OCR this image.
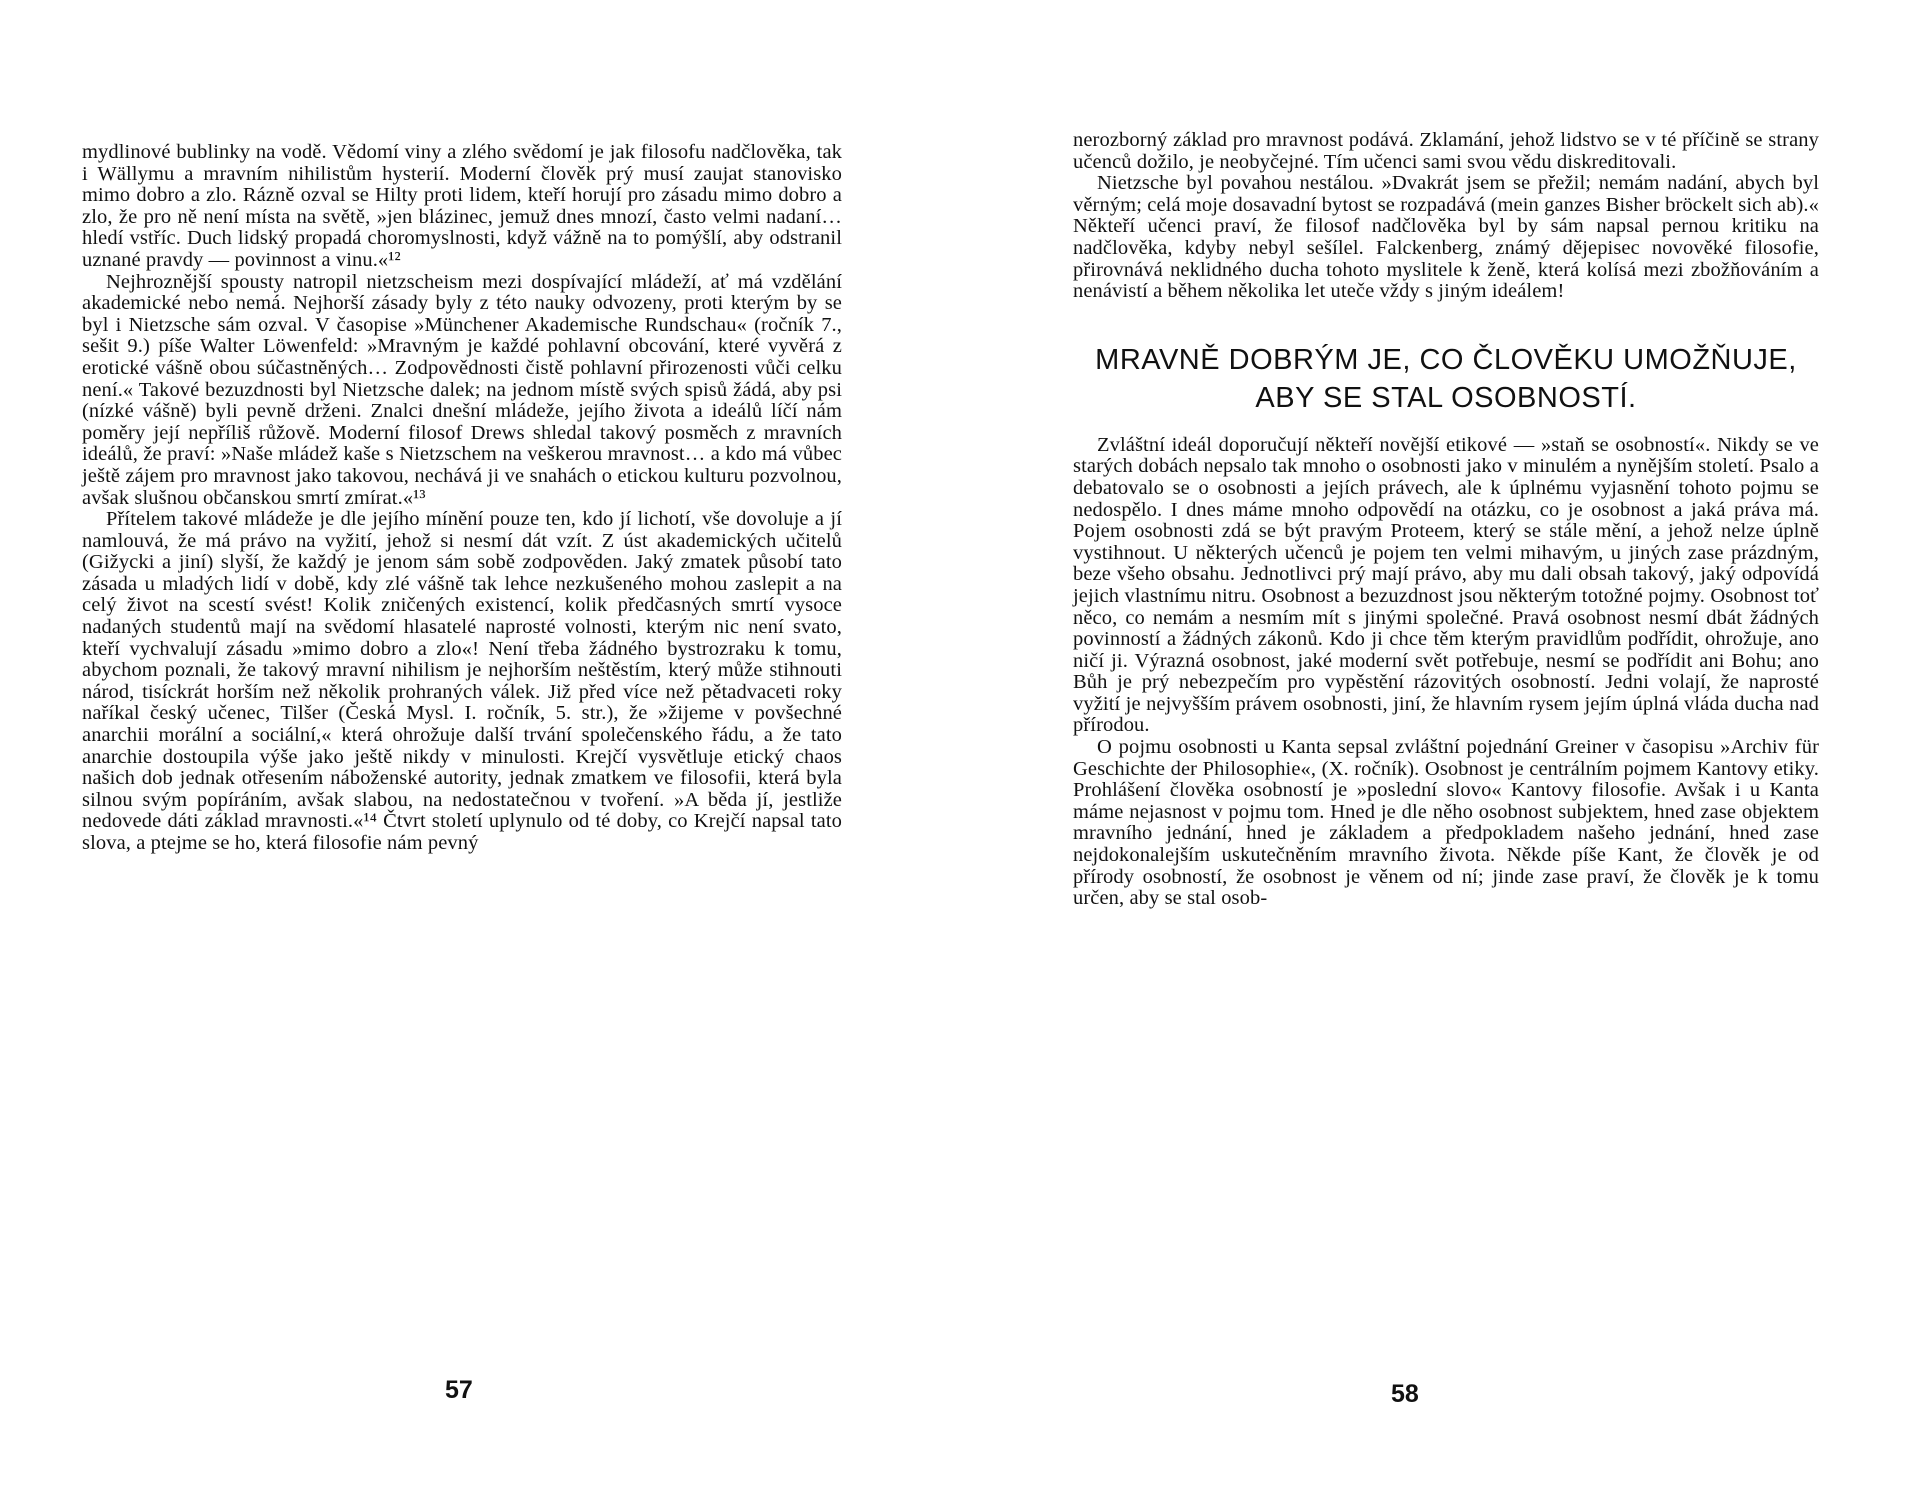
mydlinové bublinky na vodě. Vědomí viny a zlého svědomí je jak filosofu nadčlověka, tak i Wällymu a mravním nihilistům hysterií. Moderní člověk prý musí zaujat stanovisko mimo dobro a zlo. Rázně ozval se Hilty proti lidem, kteří horují pro zásadu mimo dobro a zlo, že pro ně není místa na světě, »jen blázinec, jemuž dnes mnozí, často velmi nadaní… hledí vstříc. Duch lidský propadá choromyslnosti, když vážně na to pomýšlí, aby odstranil uznané pravdy — povinnost a vinu.«¹²

Nejhroznější spousty natropil nietzscheism mezi dospívající mládeží, ať má vzdělání akademické nebo nemá. Nejhorší zásady byly z této nauky odvozeny, proti kterým by se byl i Nietzsche sám ozval. V časopise »Münchener Akademische Rundschau« (ročník 7., sešit 9.) píše Walter Löwenfeld: »Mravným je každé pohlavní obcování, které vyvěrá z erotické vášně obou súčastněných… Zodpovědnosti čistě pohlavní přirozenosti vůči celku není.« Takové bezuzdnosti byl Nietzsche dalek; na jednom místě svých spisů žádá, aby psi (nízké vášně) byli pevně drženi. Znalci dnešní mládeže, jejího života a ideálů líčí nám poměry její nepříliš růžově. Moderní filosof Drews shledal takový posměch z mravních ideálů, že praví: »Naše mládež kaše s Nietzschem na veškerou mravnost… a kdo má vůbec ještě zájem pro mravnost jako takovou, nechává ji ve snahách o etickou kulturu pozvolnou, avšak slušnou občanskou smrtí zmírat.«¹³

Přítelem takové mládeže je dle jejího mínění pouze ten, kdo jí lichotí, vše dovoluje a jí namlouvá, že má právo na vyžití, jehož si nesmí dát vzít. Z úst akademických učitelů (Gižycki a jiní) slyší, že každý je jenom sám sobě zodpověden. Jaký zmatek působí tato zásada u mladých lidí v době, kdy zlé vášně tak lehce nezkušeného mohou zaslepit a na celý život na scestí svést! Kolik zničených existencí, kolik předčasných smrtí vysoce nadaných studentů mají na svědomí hlasatelé naprosté volnosti, kterým nic není svato, kteří vychvalují zásadu »mimo dobro a zlo«! Není třeba žádného bystrozraku k tomu, abychom poznali, že takový mravní nihilism je nejhorším neštěstím, který může stihnouti národ, tisíckrát horším než několik prohraných válek. Již před více než pětadvaceti roky naříkal český učenec, Tilšer (Česká Mysl. I. ročník, 5. str.), že »žijeme v povšechné anarchii morální a sociální,« která ohrožuje další trvání společenského řádu, a že tato anarchie dostoupila výše jako ještě nikdy v minulosti. Krejčí vysvětluje etický chaos našich dob jednak otřesením náboženské autority, jednak zmatkem ve filosofii, která byla silnou svým popíráním, avšak slabou, na nedostatečnou v tvoření. »A běda jí, jestliže nedovede dáti základ mravnosti.«¹⁴ Čtvrt století uplynulo od té doby, co Krejčí napsal tato slova, a ptejme se ho, která filosofie nám pevný

57

nerozborný základ pro mravnost podává. Zklamání, jehož lidstvo se v té příčině se strany učenců dožilo, je neobyčejné. Tím učenci sami svou vědu diskreditovali.

Nietzsche byl povahou nestálou. »Dvakrát jsem se přežil; nemám nadání, abych byl věrným; celá moje dosavadní bytost se rozpadává (mein ganzes Bisher bröckelt sich ab).« Někteří učenci praví, že filosof nadčlověka byl by sám napsal pernou kritiku na nadčlověka, kdyby nebyl sešílel. Falckenberg, známý dějepisec novověké filosofie, přirovnává neklidného ducha tohoto myslitele k ženě, která kolísá mezi zbožňováním a nenávistí a během několika let uteče vždy s jiným ideálem!

MRAVNĚ DOBRÝM JE, CO ČLOVĚKU UMOŽŇUJE,
ABY SE STAL OSOBNOSTÍ.

Zvláštní ideál doporučují někteří novější etikové — »staň se osobností«. Nikdy se ve starých dobách nepsalo tak mnoho o osobnosti jako v minulém a nynějším století. Psalo a debatovalo se o osobnosti a jejích právech, ale k úplnému vyjasnění tohoto pojmu se nedospělo. I dnes máme mnoho odpovědí na otázku, co je osobnost a jaká práva má. Pojem osobnosti zdá se být pravým Proteem, který se stále mění, a jehož nelze úplně vystihnout. U některých učenců je pojem ten velmi mihavým, u jiných zase prázdným, beze všeho obsahu. Jednotlivci prý mají právo, aby mu dali obsah takový, jaký odpovídá jejich vlastnímu nitru. Osobnost a bezuzdnost jsou některým totožné pojmy. Osobnost toť něco, co nemám a nesmím mít s jinými společné. Pravá osobnost nesmí dbát žádných povinností a žádných zákonů. Kdo ji chce těm kterým pravidlům podřídit, ohrožuje, ano ničí ji. Výrazná osobnost, jaké moderní svět potřebuje, nesmí se podřídit ani Bohu; ano Bůh je prý nebezpečím pro vypěstění rázovitých osobností. Jedni volají, že naprosté vyžití je nejvyšším právem osobnosti, jiní, že hlavním rysem jejím úplná vláda ducha nad přírodou.

O pojmu osobnosti u Kanta sepsal zvláštní pojednání Greiner v časopisu »Archiv für Geschichte der Philosophie«, (X. ročník). Osobnost je centrálním pojmem Kantovy etiky. Prohlášení člověka osobností je »poslední slovo« Kantovy filosofie. Avšak i u Kanta máme nejasnost v pojmu tom. Hned je dle něho osobnost subjektem, hned zase objektem mravního jednání, hned je základem a předpokladem našeho jednání, hned zase nejdokonalejším uskutečněním mravního života. Někde píše Kant, že člověk je od přírody osobností, že osobnost je věnem od ní; jinde zase praví, že člověk je k tomu určen, aby se stal osob-

58
